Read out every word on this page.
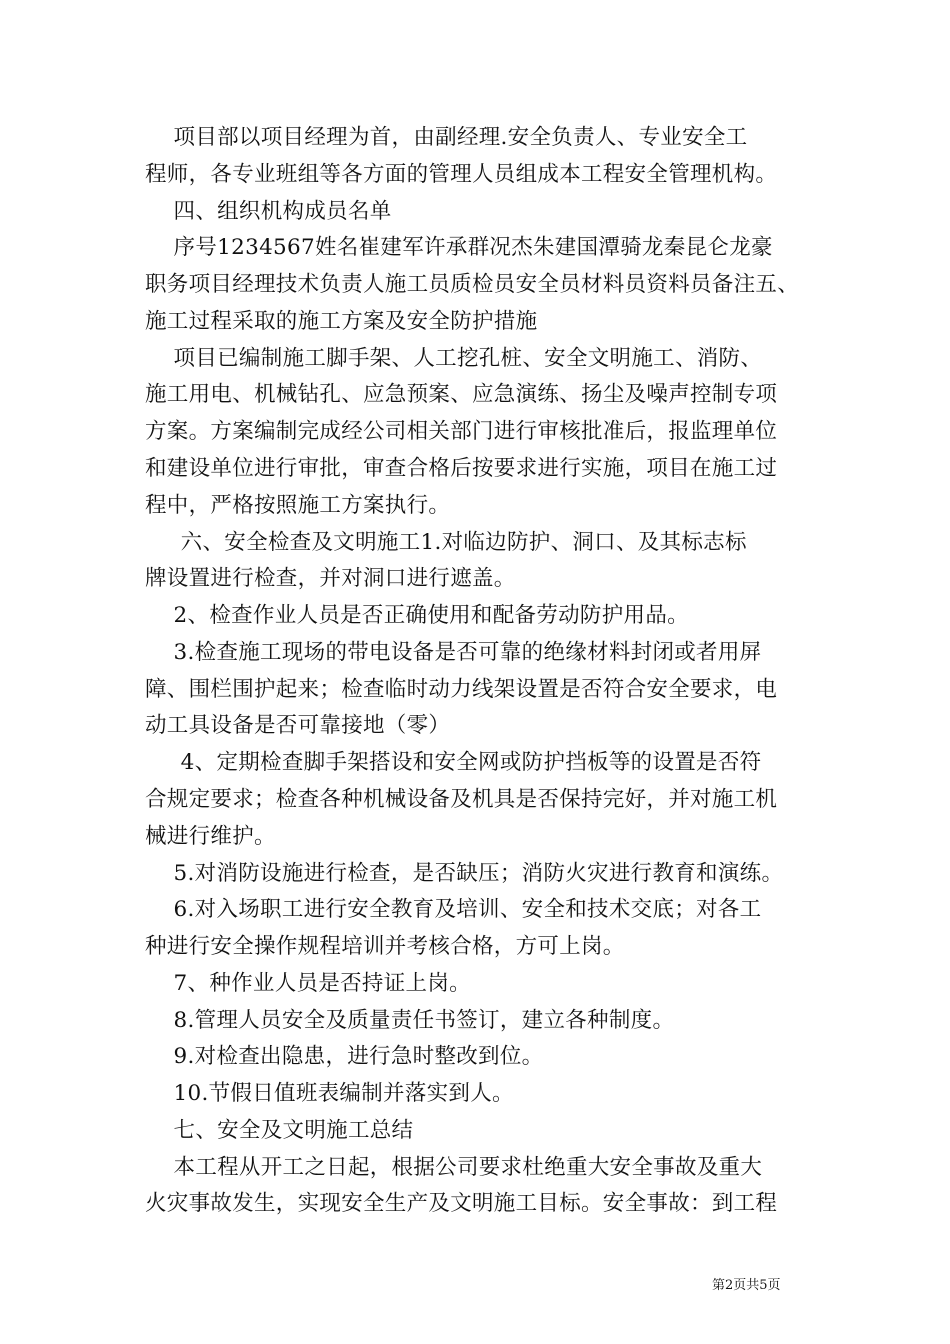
项目部以项目经理为首，由副经理.安全负责人、专业安全工
程师，各专业班组等各方面的管理人员组成本工程安全管理机构。
四、组织机构成员名单
序号1234567姓名崔建军许承群况杰朱建国潭骑龙秦昆仑龙豪
职务项目经理技术负责人施工员质检员安全员材料员资料员备注五、
施工过程采取的施工方案及安全防护措施
项目已编制施工脚手架、人工挖孔桩、安全文明施工、消防、
施工用电、机械钻孔、应急预案、应急演练、扬尘及噪声控制专项
方案。方案编制完成经公司相关部门进行审核批准后，报监理单位
和建设单位进行审批，审查合格后按要求进行实施，项目在施工过
程中，严格按照施工方案执行。
六、安全检查及文明施工1.对临边防护、洞口、及其标志标
牌设置进行检查，并对洞口进行遮盖。
2、检查作业人员是否正确使用和配备劳动防护用品。
3.检查施工现场的带电设备是否可靠的绝缘材料封闭或者用屏
障、围栏围护起来；检查临时动力线架设置是否符合安全要求，电
动工具设备是否可靠接地（零）
4、定期检查脚手架搭设和安全网或防护挡板等的设置是否符
合规定要求；检查各种机械设备及机具是否保持完好，并对施工机
械进行维护。
5.对消防设施进行检查，是否缺压；消防火灾进行教育和演练。
6.对入场职工进行安全教育及培训、安全和技术交底；对各工
种进行安全操作规程培训并考核合格，方可上岗。
7、种作业人员是否持证上岗。
8.管理人员安全及质量责任书签订，建立各种制度。
9.对检查出隐患，进行急时整改到位。
10.节假日值班表编制并落实到人。
七、安全及文明施工总结
本工程从开工之日起，根据公司要求杜绝重大安全事故及重大
火灾事故发生，实现安全生产及文明施工目标。安全事故：到工程
第2页共5页
